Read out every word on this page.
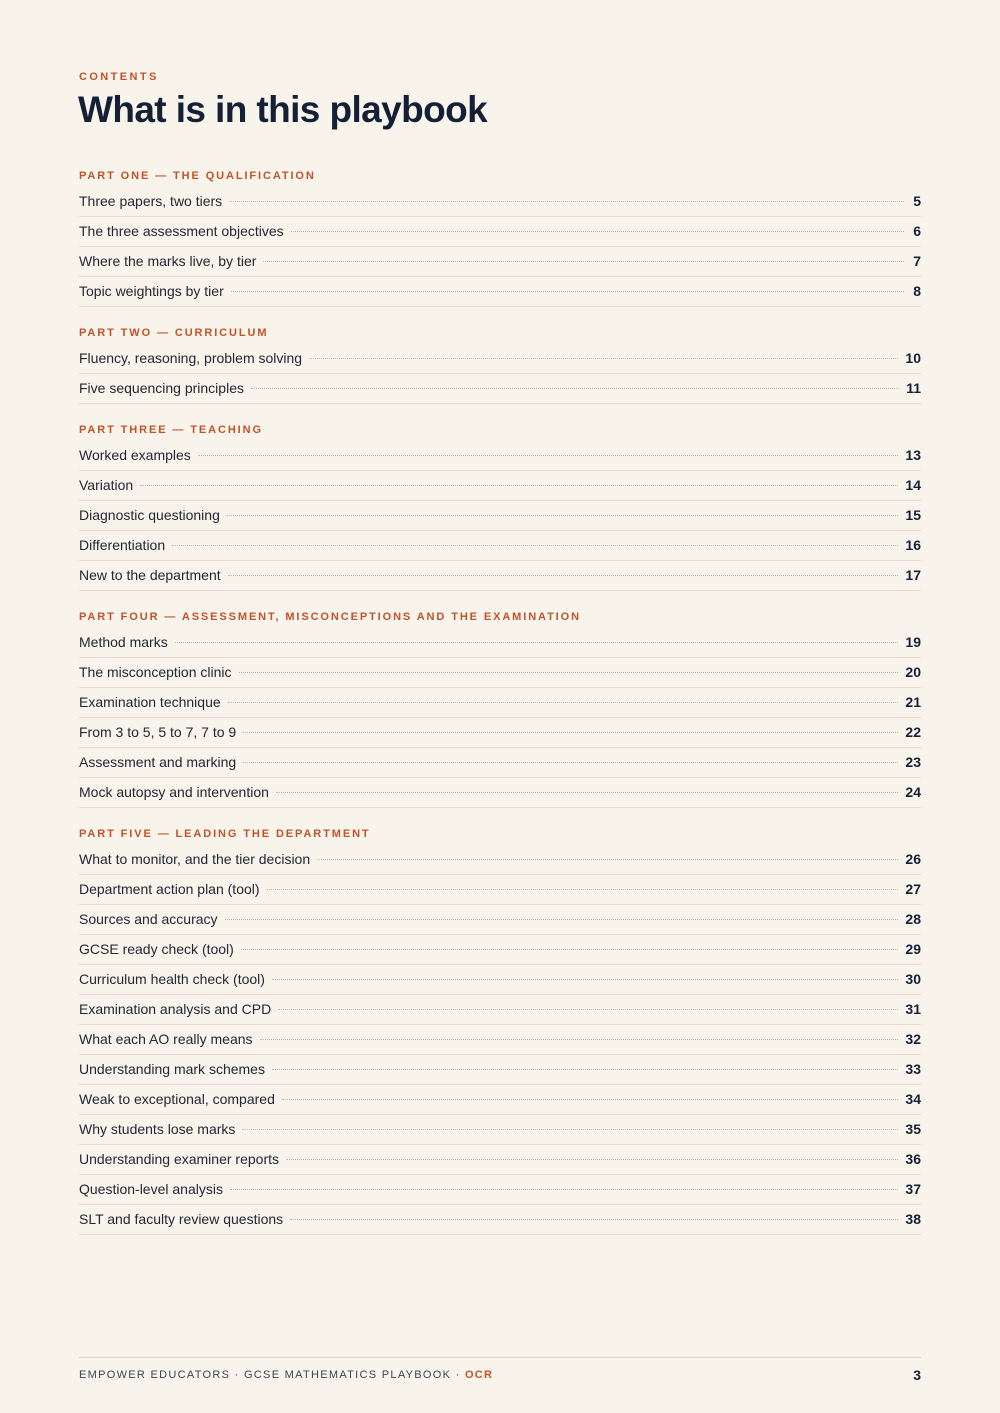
CONTENTS
What is in this playbook
PART ONE — THE QUALIFICATION
Three papers, two tiers	5
The three assessment objectives	6
Where the marks live, by tier	7
Topic weightings by tier	8
PART TWO — CURRICULUM
Fluency, reasoning, problem solving	10
Five sequencing principles	11
PART THREE — TEACHING
Worked examples	13
Variation	14
Diagnostic questioning	15
Differentiation	16
New to the department	17
PART FOUR — ASSESSMENT, MISCONCEPTIONS AND THE EXAMINATION
Method marks	19
The misconception clinic	20
Examination technique	21
From 3 to 5, 5 to 7, 7 to 9	22
Assessment and marking	23
Mock autopsy and intervention	24
PART FIVE — LEADING THE DEPARTMENT
What to monitor, and the tier decision	26
Department action plan (tool)	27
Sources and accuracy	28
GCSE ready check (tool)	29
Curriculum health check (tool)	30
Examination analysis and CPD	31
What each AO really means	32
Understanding mark schemes	33
Weak to exceptional, compared	34
Why students lose marks	35
Understanding examiner reports	36
Question-level analysis	37
SLT and faculty review questions	38
EMPOWER EDUCATORS · GCSE MATHEMATICS PLAYBOOK · OCR	3
